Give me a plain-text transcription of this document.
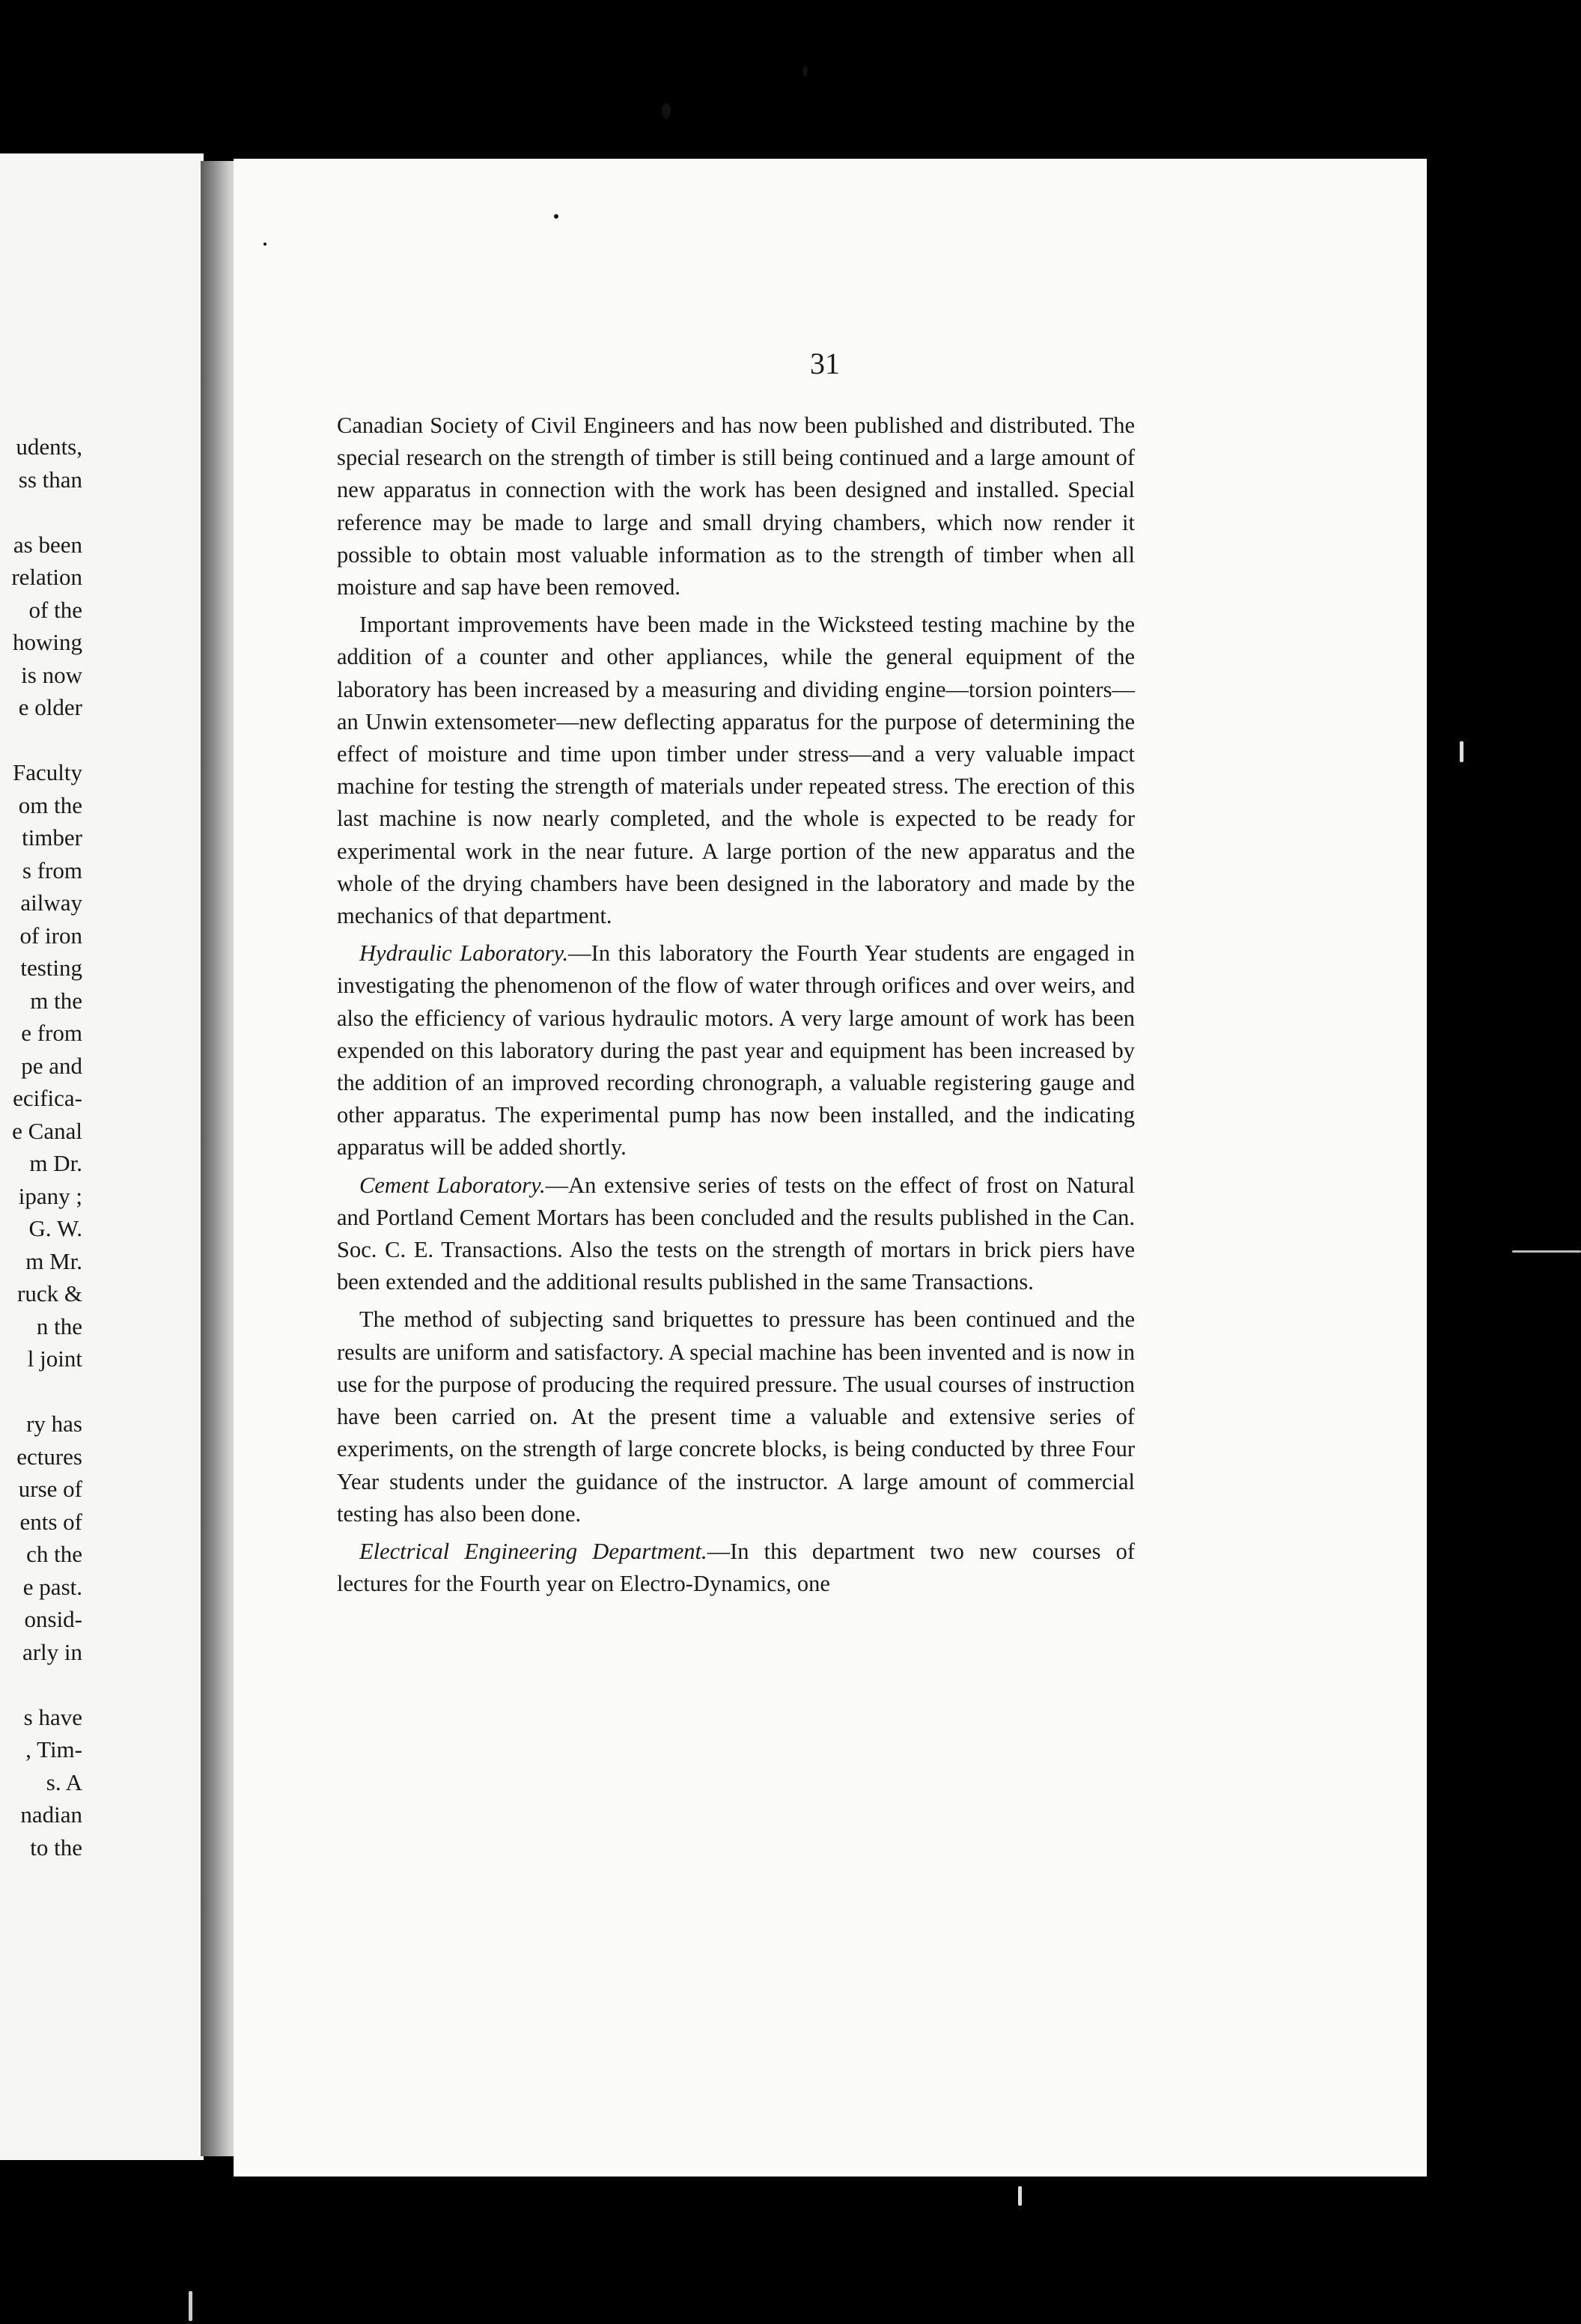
udents,
ss than
as been
relation
of the
howing
is now
e older
Faculty
om the
timber
s from
ailway
of iron
testing
m the
e from
pe and
ecifica-
e Canal
m Dr.
ipany ;
G. W.
m Mr.
ruck &
n the
l joint
ry has
ectures
urse of
ents of
ch the
e past.
onsid-
arly in
s have
, Tim-
s. A
nadian
to the
31

Canadian Society of Civil Engineers and has now been published and distributed. The special research on the strength of timber is still being continued and a large amount of new apparatus in connection with the work has been designed and installed. Special reference may be made to large and small drying chambers, which now render it possible to obtain most valuable information as to the strength of timber when all moisture and sap have been removed.

Important improvements have been made in the Wicksteed testing machine by the addition of a counter and other appliances, while the general equipment of the laboratory has been increased by a measuring and dividing engine—torsion pointers—an Unwin extensometer—new deflecting apparatus for the purpose of determining the effect of moisture and time upon timber under stress—and a very valuable impact machine for testing the strength of materials under repeated stress. The erection of this last machine is now nearly completed, and the whole is expected to be ready for experimental work in the near future. A large portion of the new apparatus and the whole of the drying chambers have been designed in the laboratory and made by the mechanics of that department.

Hydraulic Laboratory.—In this laboratory the Fourth Year students are engaged in investigating the phenomenon of the flow of water through orifices and over weirs, and also the efficiency of various hydraulic motors. A very large amount of work has been expended on this laboratory during the past year and equipment has been increased by the addition of an improved recording chronograph, a valuable registering gauge and other apparatus. The experimental pump has now been installed, and the indicating apparatus will be added shortly.

Cement Laboratory.—An extensive series of tests on the effect of frost on Natural and Portland Cement Mortars has been concluded and the results published in the Can. Soc. C. E. Transactions. Also the tests on the strength of mortars in brick piers have been extended and the additional results published in the same Transactions.

The method of subjecting sand briquettes to pressure has been continued and the results are uniform and satisfactory. A special machine has been invented and is now in use for the purpose of producing the required pressure. The usual courses of instruction have been carried on. At the present time a valuable and extensive series of experiments, on the strength of large concrete blocks, is being conducted by three Four Year students under the guidance of the instructor. A large amount of commercial testing has also been done.

Electrical Engineering Department.—In this department two new courses of lectures for the Fourth year on Electro-Dynamics, one
